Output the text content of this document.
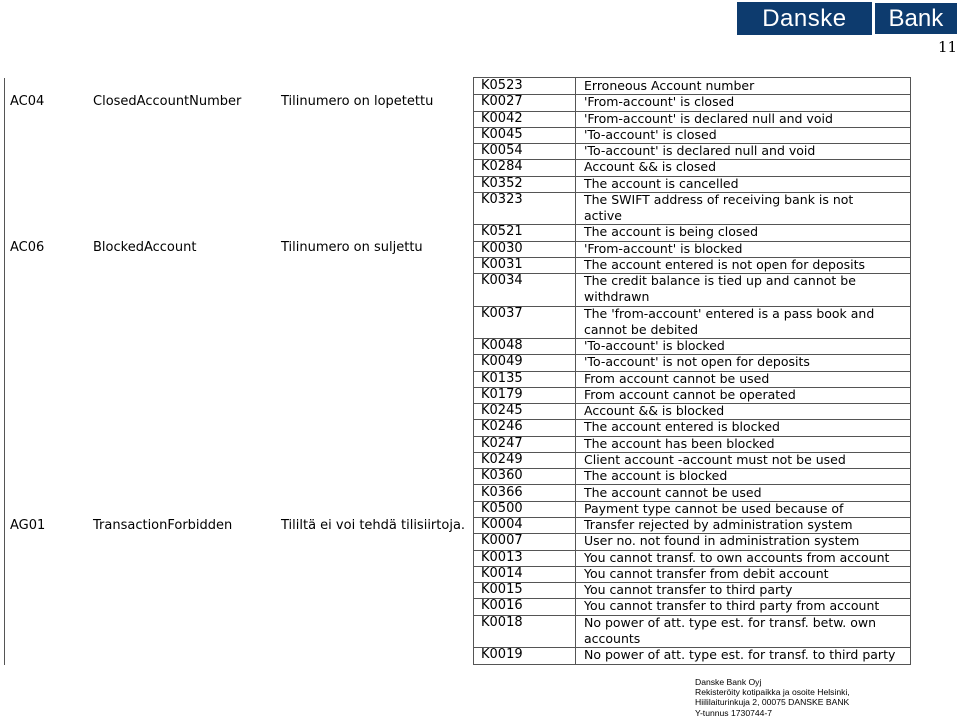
Danske	Bank
11
AC04	ClosedAccountNumber	Tilinumero on lopetettu
AC06	BlockedAccount	Tilinumero on suljettu
AG01	TransactionForbidden	Tililtä ei voi tehdä tilisiirtoja.
K0523	Erroneous Account number
K0027	'From-account' is closed
K0042	'From-account' is declared null and void
K0045	'To-account' is closed
K0054	'To-account' is declared null and void
K0284	Account && is closed
K0352	The account is cancelled
K0323	The SWIFT address of receiving bank is not
active
K0521	The account is being closed
K0030	'From-account' is blocked
K0031	The account entered is not open for deposits
K0034	The credit balance is tied up and cannot be
withdrawn
K0037	The 'from-account' entered is a pass book and
cannot be debited
K0048	'To-account' is blocked
K0049	'To-account' is not open for deposits
K0135	From account cannot be used
K0179	From account cannot be operated
K0245	Account && is blocked
K0246	The account entered is blocked
K0247	The account has been blocked
K0249	Client account -account must not be used
K0360	The account is blocked
K0366	The account cannot be used
K0500	Payment type cannot be used because of
K0004	Transfer rejected by administration system
K0007	User no. not found in administration system
K0013	You cannot transf. to own accounts from account
K0014	You cannot transfer from debit account
K0015	You cannot transfer to third party
K0016	You cannot transfer to third party from account
K0018	No power of att. type est. for transf. betw. own
accounts
K0019	No power of att. type est. for transf. to third party
Danske Bank Oyj
Rekisteröity kotipaikka ja osoite Helsinki,
Hiililaiturinkuja 2, 00075 DANSKE BANK
Y-tunnus 1730744-7
